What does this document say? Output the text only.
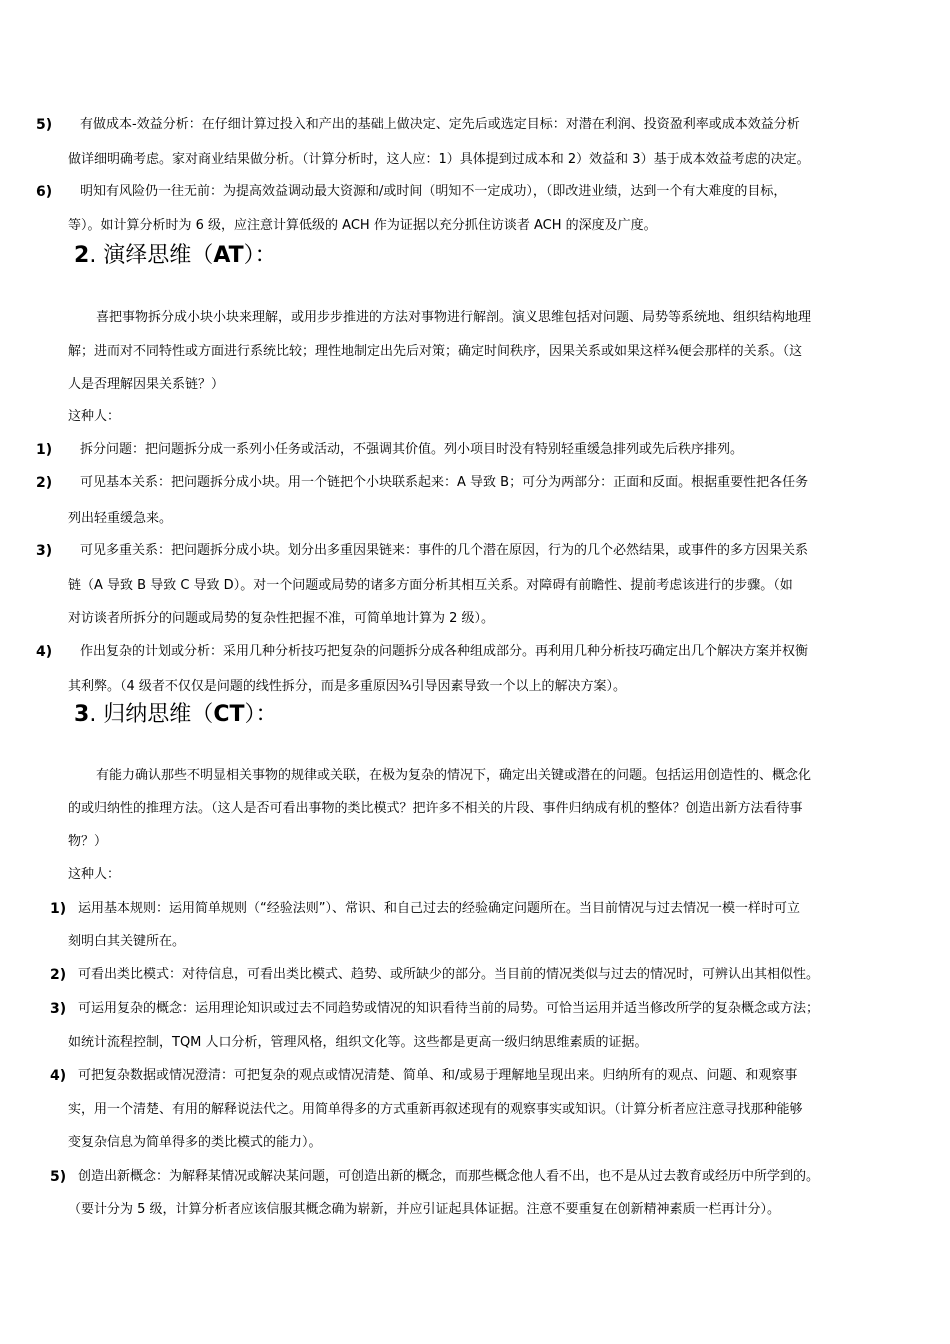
5) 有做成本-效益分析：在仔细计算过投入和产出的基础上做决定、定先后或选定目标：对潜在利润、投资盈利率或成本效益分析
做详细明确考虑。家对商业结果做分析。（计算分析时，这人应：1）具体提到过成本和 2）效益和 3）基于成本效益考虑的决定。
6) 明知有风险仍一往无前：为提高效益调动最大资源和/或时间（明知不一定成功），（即改进业绩，达到一个有大难度的目标，
等）。如计算分析时为 6 级，应注意计算低级的 ACH 作为证据以充分抓住访谈者 ACH 的深度及广度。
2. 演绎思维（AT）：
喜把事物拆分成小块小块来理解，或用步步推进的方法对事物进行解剖。演义思维包括对问题、局势等系统地、组织结构地理
解；进而对不同特性或方面进行系统比较；理性地制定出先后对策；确定时间秩序，因果关系或如果这样¾便会那样的关系。（这
人是否理解因果关系链？）
这种人：
1) 拆分问题：把问题拆分成一系列小任务或活动，不强调其价值。列小项目时没有特别轻重缓急排列或先后秩序排列。
2) 可见基本关系：把问题拆分成小块。用一个链把个小块联系起来：A 导致 B；可分为两部分：正面和反面。根据重要性把各任务
列出轻重缓急来。
3) 可见多重关系：把问题拆分成小块。划分出多重因果链来：事件的几个潜在原因，行为的几个必然结果，或事件的多方因果关系
链（A 导致 B 导致 C 导致 D）。对一个问题或局势的诸多方面分析其相互关系。对障碍有前瞻性、提前考虑该进行的步骤。（如
对访谈者所拆分的问题或局势的复杂性把握不准，可简单地计算为 2 级）。
4) 作出复杂的计划或分析：采用几种分析技巧把复杂的问题拆分成各种组成部分。再利用几种分析技巧确定出几个解决方案并权衡
其利弊。（4 级者不仅仅是问题的线性拆分，而是多重原因¾引导因素导致一个以上的解决方案）。
3. 归纳思维（CT）：
有能力确认那些不明显相关事物的规律或关联，在极为复杂的情况下，确定出关键或潜在的问题。包括运用创造性的、概念化
的或归纳性的推理方法。（这人是否可看出事物的类比模式？把许多不相关的片段、事件归纳成有机的整体？创造出新方法看待事
物？）
这种人：
1) 运用基本规则：运用简单规则（“经验法则”）、常识、和自己过去的经验确定问题所在。当目前情况与过去情况一模一样时可立
刻明白其关键所在。
2) 可看出类比模式：对待信息，可看出类比模式、趋势、或所缺少的部分。当目前的情况类似与过去的情况时，可辨认出其相似性。
3) 可运用复杂的概念：运用理论知识或过去不同趋势或情况的知识看待当前的局势。可恰当运用并适当修改所学的复杂概念或方法；
如统计流程控制，TQM 人口分析，管理风格，组织文化等。这些都是更高一级归纳思维素质的证据。
4) 可把复杂数据或情况澄清：可把复杂的观点或情况清楚、简单、和/或易于理解地呈现出来。归纳所有的观点、问题、和观察事
实，用一个清楚、有用的解释说法代之。用简单得多的方式重新再叙述现有的观察事实或知识。（计算分析者应注意寻找那种能够
变复杂信息为简单得多的类比模式的能力）。
5) 创造出新概念：为解释某情况或解决某问题，可创造出新的概念，而那些概念他人看不出，也不是从过去教育或经历中所学到的。
（要计分为 5 级，计算分析者应该信服其概念确为崭新，并应引证起具体证据。注意不要重复在创新精神素质一栏再计分）。
